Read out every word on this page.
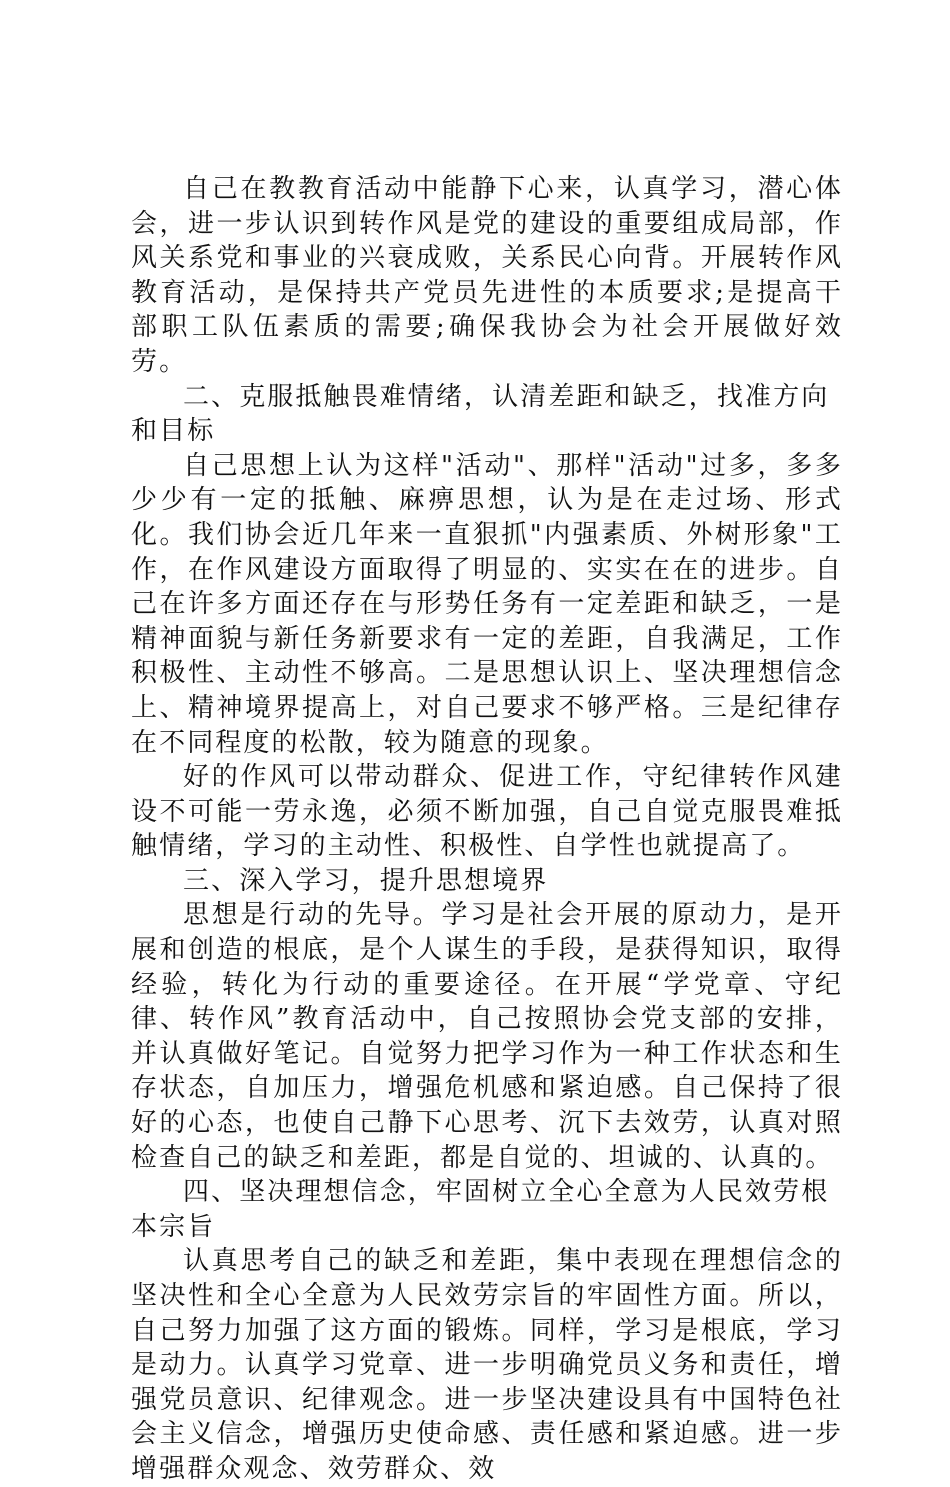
自己在教教育活动中能静下心来，认真学习，潜心体会，进一步认识到转作风是党的建设的重要组成局部，作风关系党和事业的兴衰成败，关系民心向背。开展转作风教育活动，是保持共产党员先进性的本质要求;是提高干部职工队伍素质的需要;确保我协会为社会开展做好效劳。

二、克服抵触畏难情绪，认清差距和缺乏，找准方向和目标

自己思想上认为这样"活动"、那样"活动"过多，多多少少有一定的抵触、麻痹思想，认为是在走过场、形式化。我们协会近几年来一直狠抓"内强素质、外树形象"工作，在作风建设方面取得了明显的、实实在在的进步。自己在许多方面还存在与形势任务有一定差距和缺乏，一是精神面貌与新任务新要求有一定的差距，自我满足，工作积极性、主动性不够高。二是思想认识上、坚决理想信念上、精神境界提高上，对自己要求不够严格。三是纪律存在不同程度的松散，较为随意的现象。

好的作风可以带动群众、促进工作，守纪律转作风建设不可能一劳永逸，必须不断加强，自己自觉克服畏难抵触情绪，学习的主动性、积极性、自学性也就提高了。

三、深入学习，提升思想境界

思想是行动的先导。学习是社会开展的原动力，是开展和创造的根底，是个人谋生的手段，是获得知识，取得经验，转化为行动的重要途径。在开展“学党章、守纪律、转作风”教育活动中，自己按照协会党支部的安排，并认真做好笔记。自觉努力把学习作为一种工作状态和生存状态，自加压力，增强危机感和紧迫感。自己保持了很好的心态，也使自己静下心思考、沉下去效劳，认真对照检查自己的缺乏和差距，都是自觉的、坦诚的、认真的。

四、坚决理想信念，牢固树立全心全意为人民效劳根本宗旨

认真思考自己的缺乏和差距，集中表现在理想信念的坚决性和全心全意为人民效劳宗旨的牢固性方面。所以，自己努力加强了这方面的锻炼。同样，学习是根底，学习是动力。认真学习党章、进一步明确党员义务和责任，增强党员意识、纪律观念。进一步坚决建设具有中国特色社会主义信念，增强历史使命感、责任感和紧迫感。进一步增强群众观念、效劳群众、效
